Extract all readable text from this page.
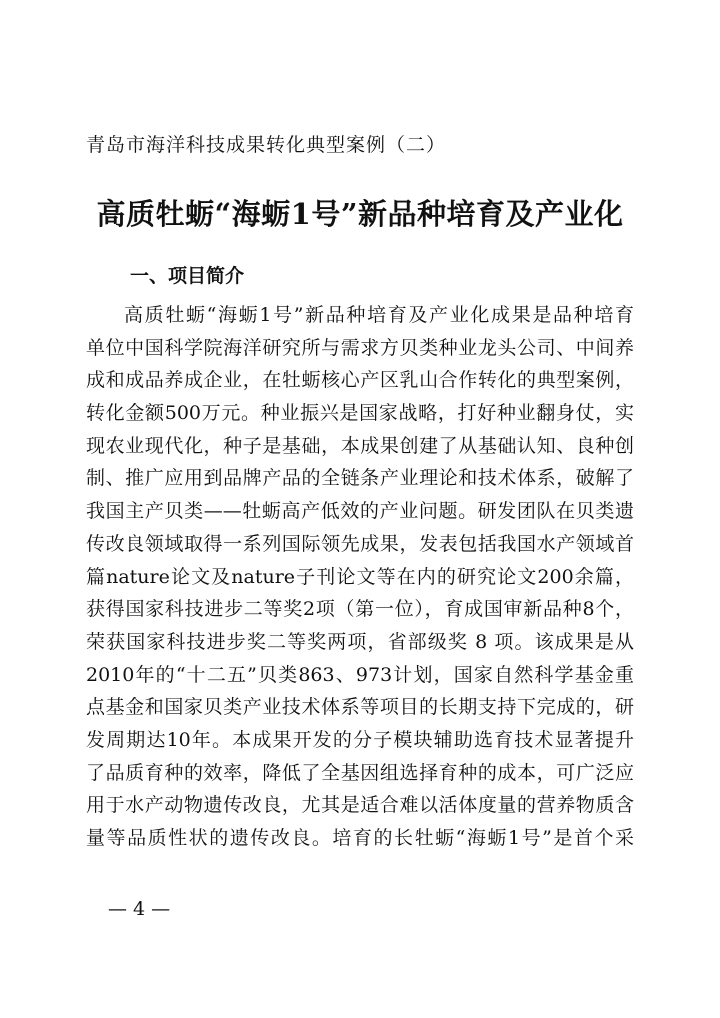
青岛市海洋科技成果转化典型案例（二）
高质牡蛎“海蛎1号”新品种培育及产业化
一、项目简介
高质牡蛎“海蛎1号”新品种培育及产业化成果是品种培育
单位中国科学院海洋研究所与需求方贝类种业龙头公司、中间养
成和成品养成企业，在牡蛎核心产区乳山合作转化的典型案例，
转化金额500万元。种业振兴是国家战略，打好种业翻身仗，实
现农业现代化，种子是基础，本成果创建了从基础认知、良种创
制、推广应用到品牌产品的全链条产业理论和技术体系，破解了
我国主产贝类——牡蛎高产低效的产业问题。研发团队在贝类遗
传改良领域取得一系列国际领先成果，发表包括我国水产领域首
篇nature论文及nature子刊论文等在内的研究论文200余篇，
获得国家科技进步二等奖2项（第一位），育成国审新品种8个，
荣获国家科技进步奖二等奖两项，省部级奖 8 项。该成果是从
2010年的“十二五”贝类863、973计划，国家自然科学基金重
点基金和国家贝类产业技术体系等项目的长期支持下完成的，研
发周期达10年。本成果开发的分子模块辅助选育技术显著提升
了品质育种的效率，降低了全基因组选择育种的成本，可广泛应
用于水产动物遗传改良，尤其是适合难以活体度量的营养物质含
量等品质性状的遗传改良。培育的长牡蛎“海蛎1号”是首个采
— 4 —
